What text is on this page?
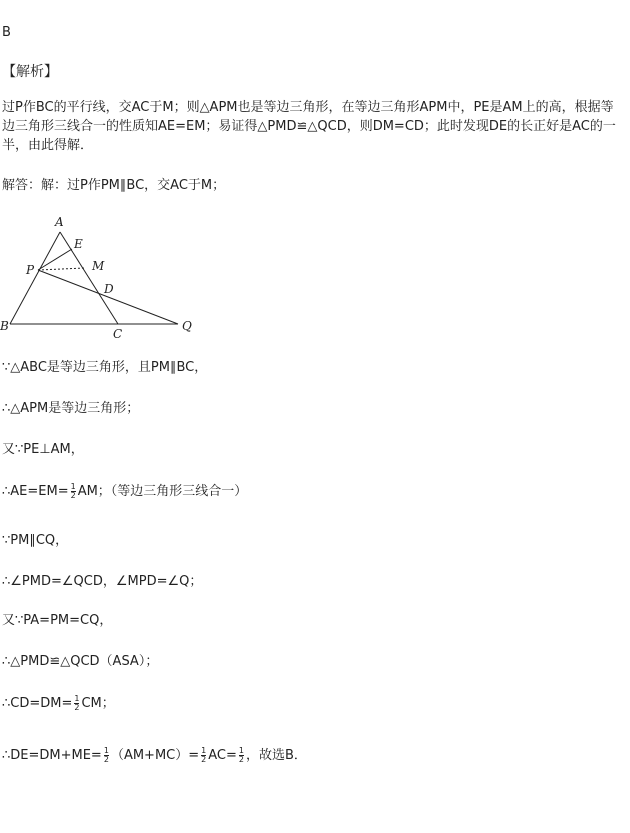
B
【解析】
过P作BC的平行线，交AC于M；则△APM也是等边三角形，在等边三角形APM中，PE是AM上的高，根据等边三角形三线合一的性质知AE=EM；易证得△PMD≌△QCD，则DM=CD；此时发现DE的长正好是AC的一半，由此得解．
解答：解：过P作PM∥BC，交AC于M；
A
E
M
P
D
B
C
Q
∵△ABC是等边三角形，且PM∥BC，
∴△APM是等边三角形；
又∵PE⊥AM，
∴AE=EM= $\frac{1}{2}$ AM；（等边三角形三线合一）
∵PM∥CQ，
∴∠PMD=∠QCD，∠MPD=∠Q；
又∵PA=PM=CQ，
∴△PMD≌△QCD（ASA）；
∴CD=DM= $\frac{1}{2}$ CM；
∴DE=DM+ME= $\frac{1}{2} (AM+MC)= \frac{1}{2} AC= \frac{1}{2}$ ，故选B．
